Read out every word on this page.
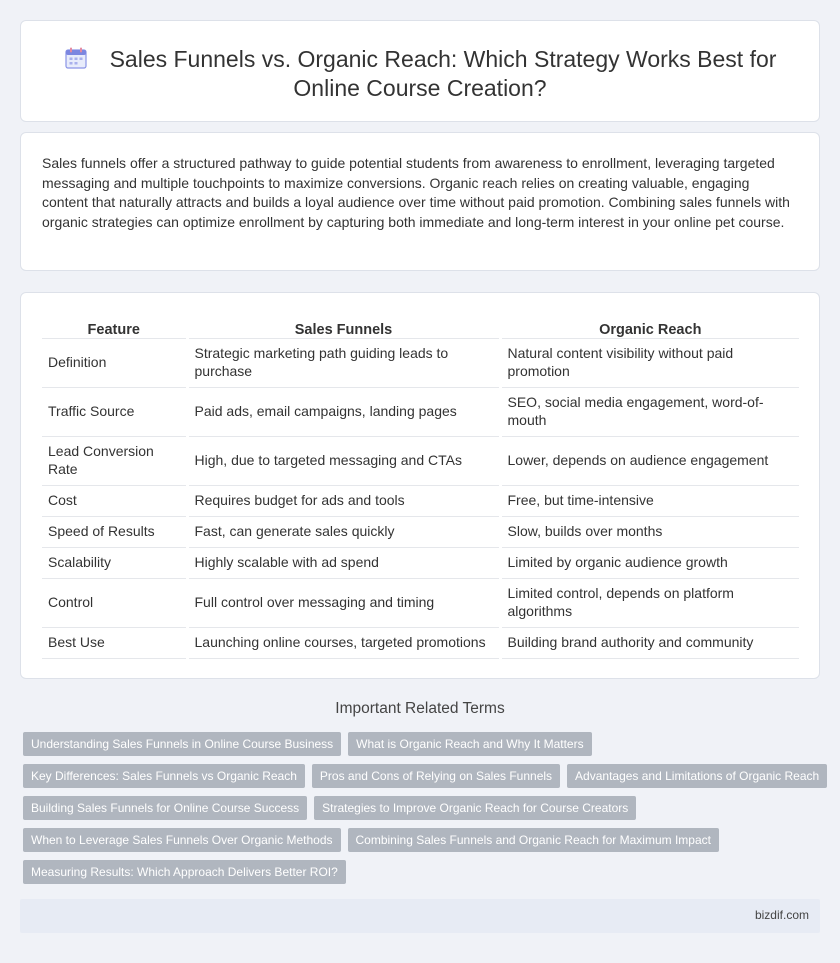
Sales Funnels vs. Organic Reach: Which Strategy Works Best for Online Course Creation?

Sales funnels offer a structured pathway to guide potential students from awareness to enrollment, leveraging targeted messaging and multiple touchpoints to maximize conversions. Organic reach relies on creating valuable, engaging content that naturally attracts and builds a loyal audience over time without paid promotion. Combining sales funnels with organic strategies can optimize enrollment by capturing both immediate and long-term interest in your online pet course.

Feature	Sales Funnels	Organic Reach
Definition	Strategic marketing path guiding leads to purchase	Natural content visibility without paid promotion
Traffic Source	Paid ads, email campaigns, landing pages	SEO, social media engagement, word-of-mouth
Lead Conversion Rate	High, due to targeted messaging and CTAs	Lower, depends on audience engagement
Cost	Requires budget for ads and tools	Free, but time-intensive
Speed of Results	Fast, can generate sales quickly	Slow, builds over months
Scalability	Highly scalable with ad spend	Limited by organic audience growth
Control	Full control over messaging and timing	Limited control, depends on platform algorithms
Best Use	Launching online courses, targeted promotions	Building brand authority and community
Important Related Terms
Understanding Sales Funnels in Online Course Business	What is Organic Reach and Why It Matters
Key Differences: Sales Funnels vs Organic Reach	Pros and Cons of Relying on Sales Funnels	Advantages and Limitations of Organic Reach
Building Sales Funnels for Online Course Success	Strategies to Improve Organic Reach for Course Creators
When to Leverage Sales Funnels Over Organic Methods	Combining Sales Funnels and Organic Reach for Maximum Impact
Measuring Results: Which Approach Delivers Better ROI?
bizdif.com
